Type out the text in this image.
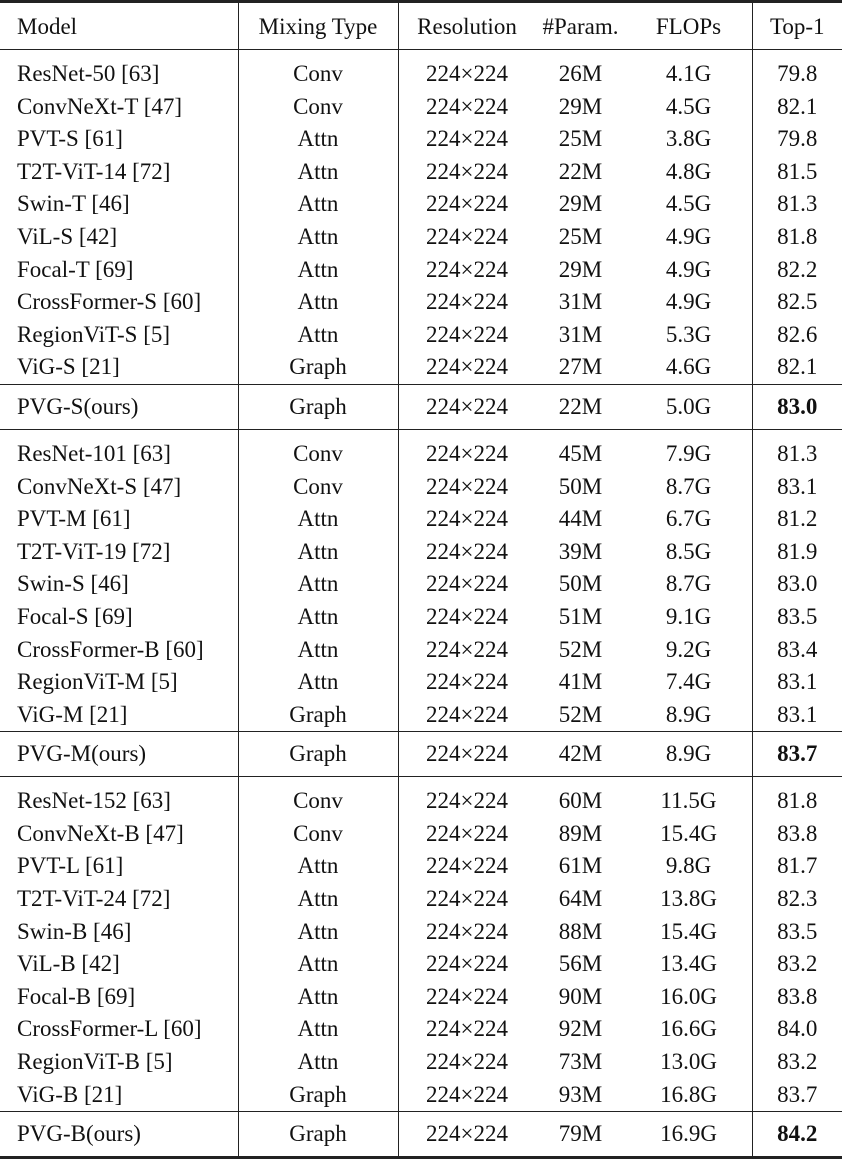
Model	Mixing Type	Resolution	#Param.	FLOPs	Top-1
ResNet-50 [63]	Conv	224×224	26M	4.1G	79.8
ConvNeXt-T [47]	Conv	224×224	29M	4.5G	82.1
PVT-S [61]	Attn	224×224	25M	3.8G	79.8
T2T-ViT-14 [72]	Attn	224×224	22M	4.8G	81.5
Swin-T [46]	Attn	224×224	29M	4.5G	81.3
ViL-S [42]	Attn	224×224	25M	4.9G	81.8
Focal-T [69]	Attn	224×224	29M	4.9G	82.2
CrossFormer-S [60]	Attn	224×224	31M	4.9G	82.5
RegionViT-S [5]	Attn	224×224	31M	5.3G	82.6
ViG-S [21]	Graph	224×224	27M	4.6G	82.1
PVG-S(ours)	Graph	224×224	22M	5.0G	83.0
ResNet-101 [63]	Conv	224×224	45M	7.9G	81.3
ConvNeXt-S [47]	Conv	224×224	50M	8.7G	83.1
PVT-M [61]	Attn	224×224	44M	6.7G	81.2
T2T-ViT-19 [72]	Attn	224×224	39M	8.5G	81.9
Swin-S [46]	Attn	224×224	50M	8.7G	83.0
Focal-S [69]	Attn	224×224	51M	9.1G	83.5
CrossFormer-B [60]	Attn	224×224	52M	9.2G	83.4
RegionViT-M [5]	Attn	224×224	41M	7.4G	83.1
ViG-M [21]	Graph	224×224	52M	8.9G	83.1
PVG-M(ours)	Graph	224×224	42M	8.9G	83.7
ResNet-152 [63]	Conv	224×224	60M	11.5G	81.8
ConvNeXt-B [47]	Conv	224×224	89M	15.4G	83.8
PVT-L [61]	Attn	224×224	61M	9.8G	81.7
T2T-ViT-24 [72]	Attn	224×224	64M	13.8G	82.3
Swin-B [46]	Attn	224×224	88M	15.4G	83.5
ViL-B [42]	Attn	224×224	56M	13.4G	83.2
Focal-B [69]	Attn	224×224	90M	16.0G	83.8
CrossFormer-L [60]	Attn	224×224	92M	16.6G	84.0
RegionViT-B [5]	Attn	224×224	73M	13.0G	83.2
ViG-B [21]	Graph	224×224	93M	16.8G	83.7
PVG-B(ours)	Graph	224×224	79M	16.9G	84.2
